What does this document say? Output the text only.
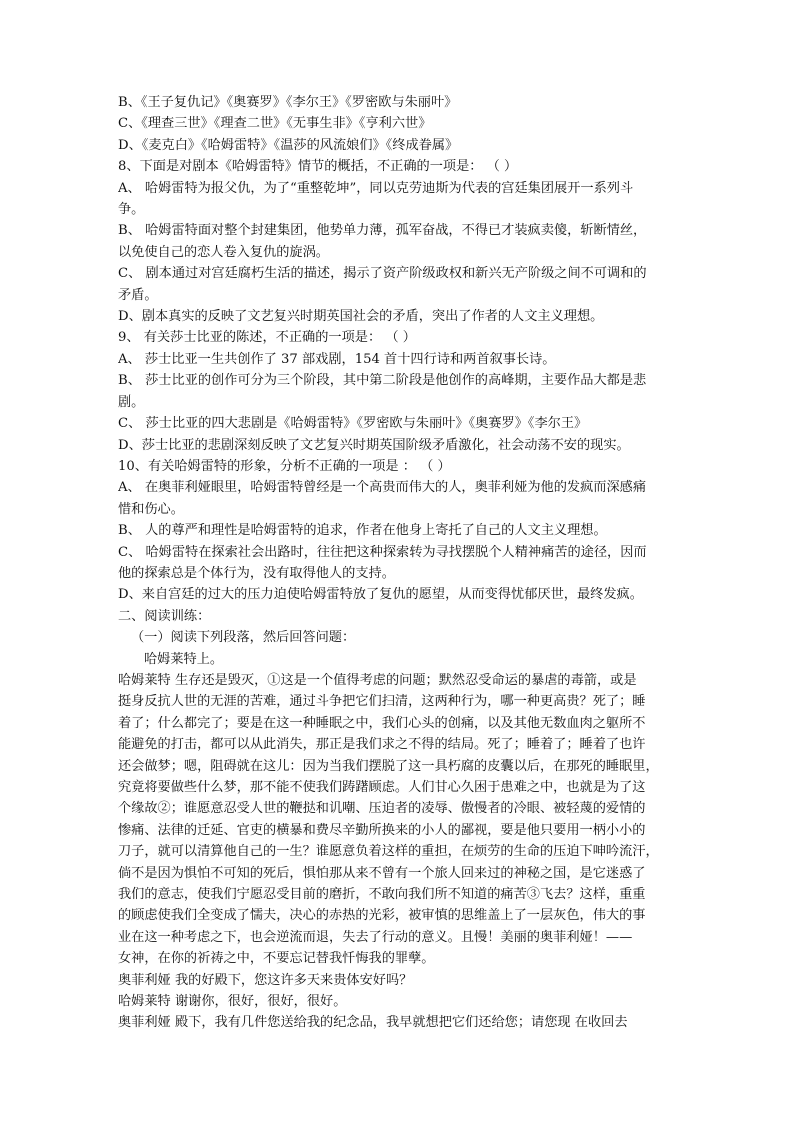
B、《王子复仇记》《奥赛罗》《李尔王》《罗密欧与朱丽叶》
C、《理查三世》《理查二世》《无事生非》《亨利六世》
D、《麦克白》《哈姆雷特》《温莎的风流娘们》《终成眷属》
8、下面是对剧本《哈姆雷特》情节的概括，不正确的一项是： （ ）
A、 哈姆雷特为报父仇，为了“重整乾坤”，同以克劳迪斯为代表的宫廷集团展开一系列斗
争。
B、 哈姆雷特面对整个封建集团，他势单力薄，孤军奋战，不得已才装疯卖傻，斩断情丝，
以免使自己的恋人卷入复仇的旋涡。
C、 剧本通过对宫廷腐朽生活的描述，揭示了资产阶级政权和新兴无产阶级之间不可调和的
矛盾。
D、剧本真实的反映了文艺复兴时期英国社会的矛盾，突出了作者的人文主义理想。
9、 有关莎士比亚的陈述，不正确的一项是： （ ）
A、 莎士比亚一生共创作了 37 部戏剧，154 首十四行诗和两首叙事长诗。
B、 莎士比亚的创作可分为三个阶段，其中第二阶段是他创作的高峰期，主要作品大都是悲
剧。
C、 莎士比亚的四大悲剧是《哈姆雷特》《罗密欧与朱丽叶》《奥赛罗》《李尔王》
D、莎士比亚的悲剧深刻反映了文艺复兴时期英国阶级矛盾激化，社会动荡不安的现实。
10、有关哈姆雷特的形象，分析不正确的一项是 ： （ ）
A、 在奥菲利娅眼里，哈姆雷特曾经是一个高贵而伟大的人，奥菲利娅为他的发疯而深感痛
惜和伤心。
B、 人的尊严和理性是哈姆雷特的追求，作者在他身上寄托了自己的人文主义理想。
C、 哈姆雷特在探索社会出路时，往往把这种探索转为寻找摆脱个人精神痛苦的途径，因而
他的探索总是个体行为，没有取得他人的支持。
D、来自宫廷的过大的压力迫使哈姆雷特放了复仇的愿望，从而变得忧郁厌世，最终发疯。
二、阅读训练：
（一）阅读下列段落，然后回答问题：
哈姆莱特上。
哈姆莱特 生存还是毁灭，①这是一个值得考虑的问题；默然忍受命运的暴虐的毒箭，或是
挺身反抗人世的无涯的苦难，通过斗争把它们扫清，这两种行为，哪一种更高贵？死了；睡
着了；什么都完了；要是在这一种睡眠之中，我们心头的创痛，以及其他无数血肉之躯所不
能避免的打击，都可以从此消失，那正是我们求之不得的结局。死了；睡着了；睡着了也许
还会做梦；嗯，阻碍就在这儿：因为当我们摆脱了这一具朽腐的皮囊以后，在那死的睡眠里，
究竟将要做些什么梦，那不能不使我们踌躇顾虑。人们甘心久困于患难之中，也就是为了这
个缘故②；谁愿意忍受人世的鞭挞和讥嘲、压迫者的凌辱、傲慢者的冷眼、被轻蔑的爱情的
惨痛、法律的迁延、官吏的横暴和费尽辛勤所换来的小人的鄙视，要是他只要用一柄小小的
刀子，就可以清算他自己的一生？谁愿意负着这样的重担，在烦劳的生命的压迫下呻吟流汗，
倘不是因为惧怕不可知的死后，惧怕那从来不曾有一个旅人回来过的神秘之国，是它迷惑了
我们的意志，使我们宁愿忍受目前的磨折，不敢向我们所不知道的痛苦③飞去？这样，重重
的顾虑使我们全变成了懦夫，决心的赤热的光彩，被审慎的思维盖上了一层灰色，伟大的事
业在这一种考虑之下，也会逆流而退，失去了行动的意义。且慢！美丽的奥菲利娅！——
女神，在你的祈祷之中，不要忘记替我忏悔我的罪孽。
奥菲利娅 我的好殿下，您这许多天来贵体安好吗？
哈姆莱特 谢谢你，很好，很好，很好。
奥菲利娅 殿下，我有几件您送给我的纪念品，我早就想把它们还给您；请您现 在收回去
